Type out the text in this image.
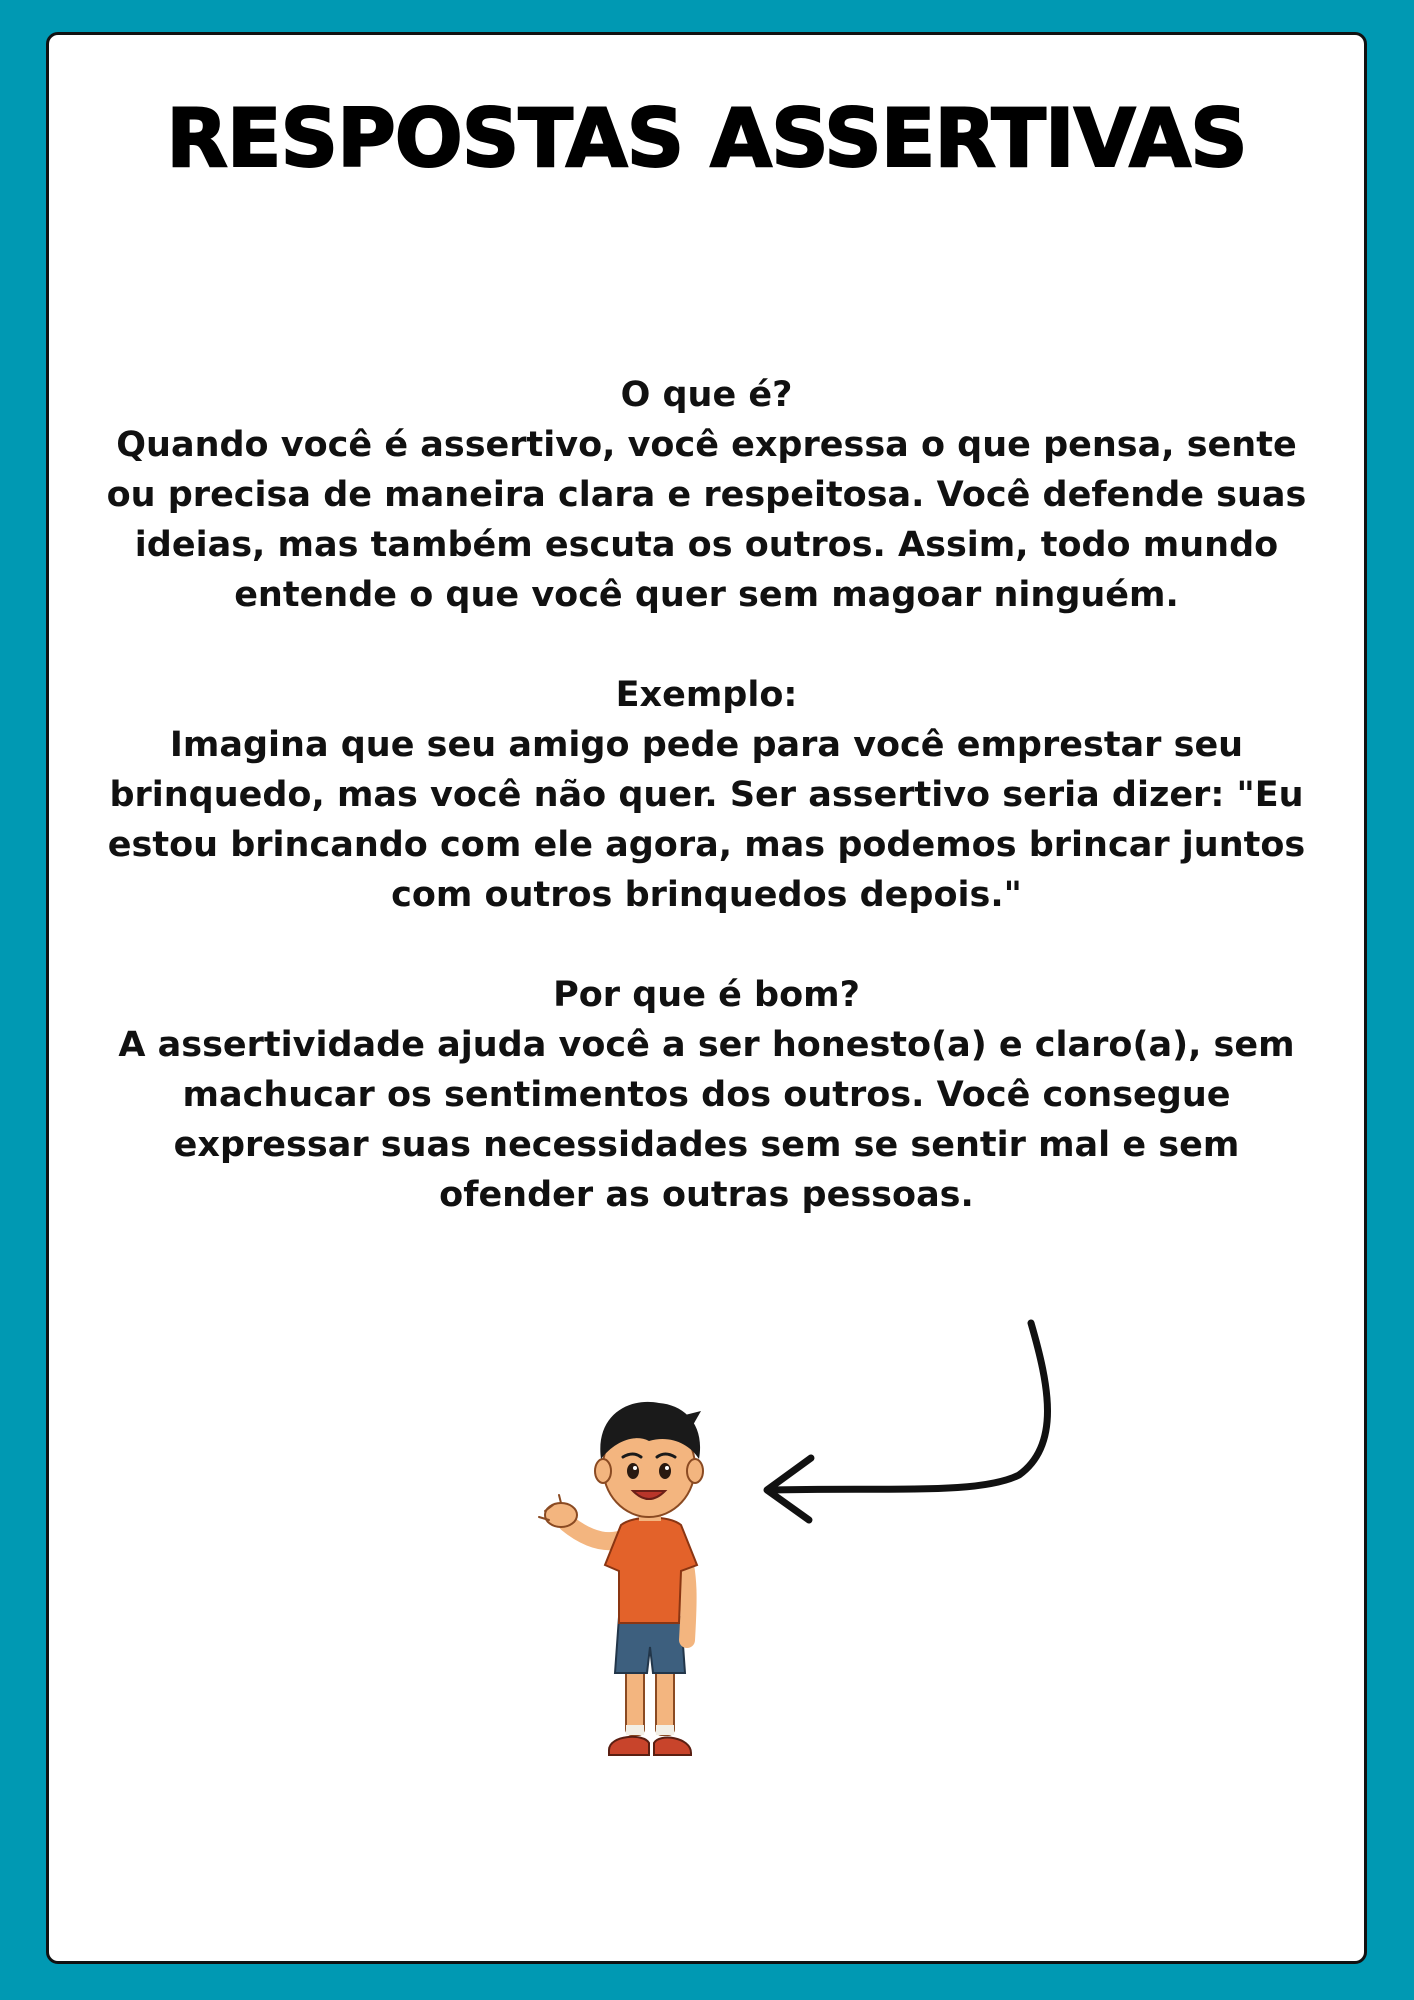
RESPOSTAS ASSERTIVAS

O que é?

Quando você é assertivo, você expressa o que pensa, sente ou precisa de maneira clara e respeitosa. Você defende suas ideias, mas também escuta os outros. Assim, todo mundo entende o que você quer sem magoar ninguém.

Exemplo:

Imagina que seu amigo pede para você emprestar seu brinquedo, mas você não quer. Ser assertivo seria dizer: "Eu estou brincando com ele agora, mas podemos brincar juntos com outros brinquedos depois."

Por que é bom?

A assertividade ajuda você a ser honesto(a) e claro(a), sem machucar os sentimentos dos outros. Você consegue expressar suas necessidades sem se sentir mal e sem ofender as outras pessoas.
